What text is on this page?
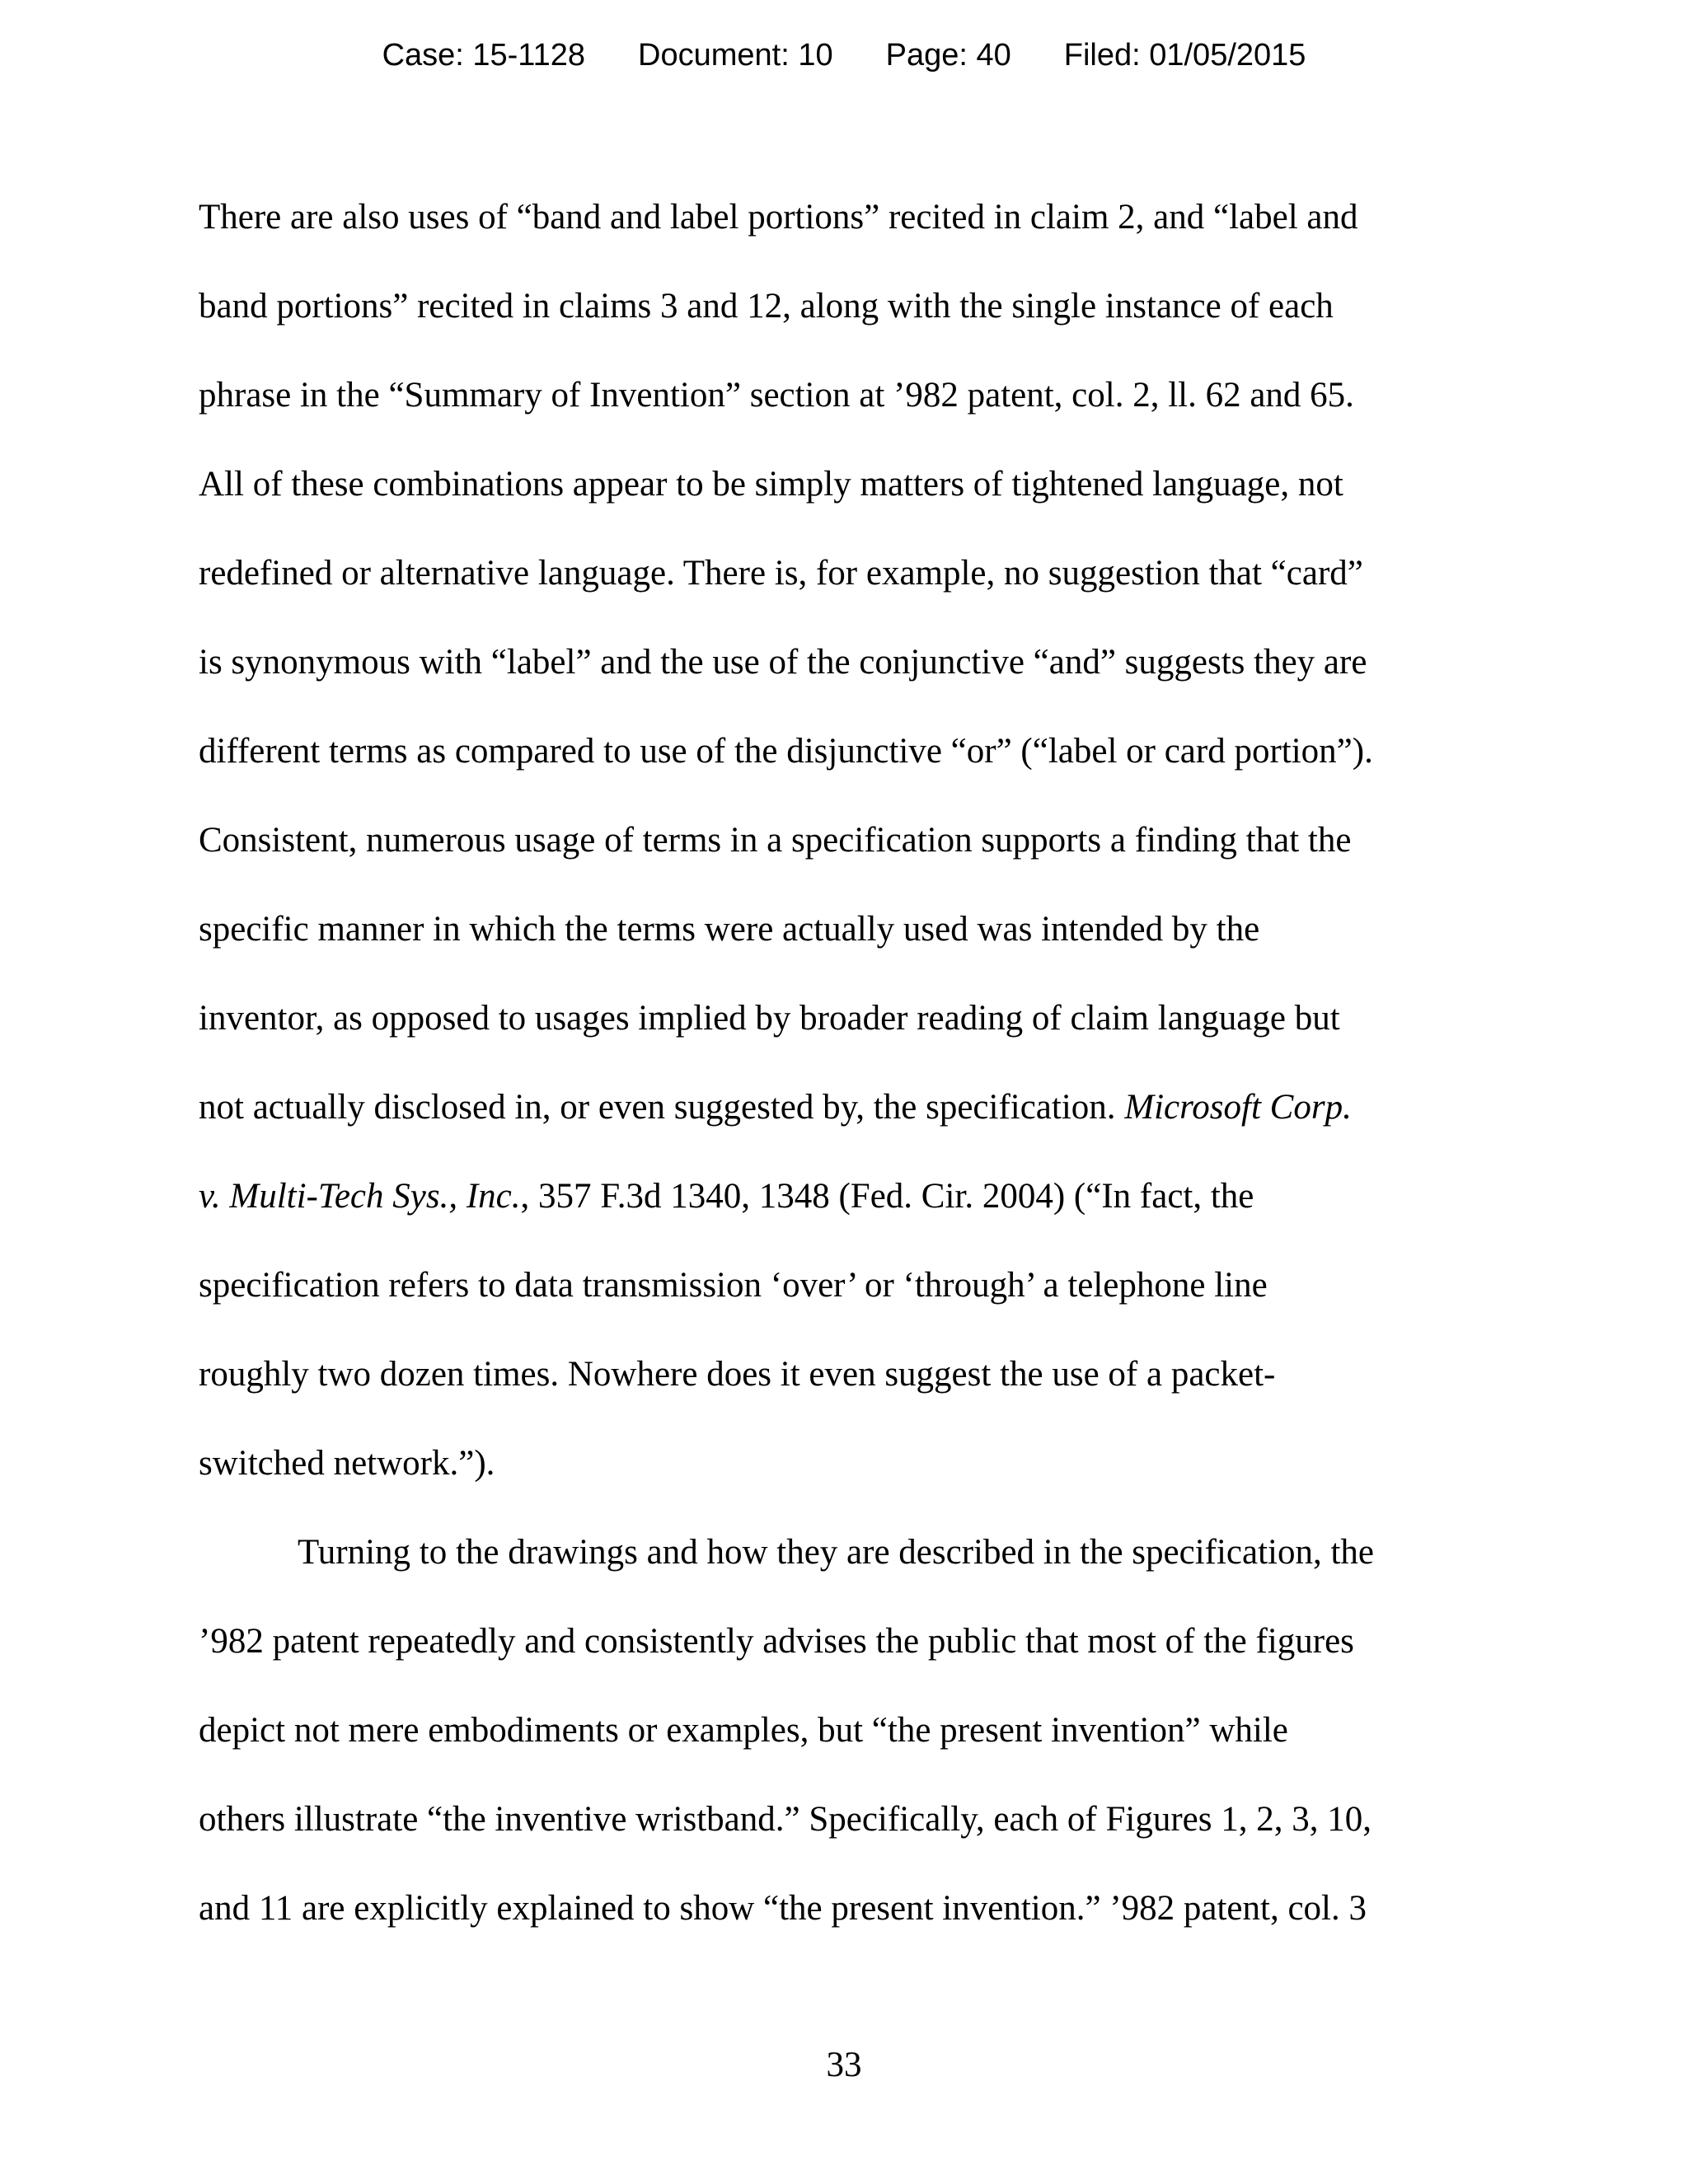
Case: 15-1128 Document: 10 Page: 40 Filed: 01/05/2015
There are also uses of “band and label portions” recited in claim 2, and “label and
band portions” recited in claims 3 and 12, along with the single instance of each
phrase in the “Summary of Invention” section at ’982 patent, col. 2, ll. 62 and 65.
All of these combinations appear to be simply matters of tightened language, not
redefined or alternative language. There is, for example, no suggestion that “card”
is synonymous with “label” and the use of the conjunctive “and” suggests they are
different terms as compared to use of the disjunctive “or” (“label or card portion”).
Consistent, numerous usage of terms in a specification supports a finding that the
specific manner in which the terms were actually used was intended by the
inventor, as opposed to usages implied by broader reading of claim language but
not actually disclosed in, or even suggested by, the specification. Microsoft Corp.
v. Multi-Tech Sys., Inc., 357 F.3d 1340, 1348 (Fed. Cir. 2004) (“In fact, the
specification refers to data transmission ‘over’ or ‘through’ a telephone line
roughly two dozen times. Nowhere does it even suggest the use of a packet-
switched network.”).
Turning to the drawings and how they are described in the specification, the
’982 patent repeatedly and consistently advises the public that most of the figures
depict not mere embodiments or examples, but “the present invention” while
others illustrate “the inventive wristband.” Specifically, each of Figures 1, 2, 3, 10,
and 11 are explicitly explained to show “the present invention.” ’982 patent, col. 3
33
